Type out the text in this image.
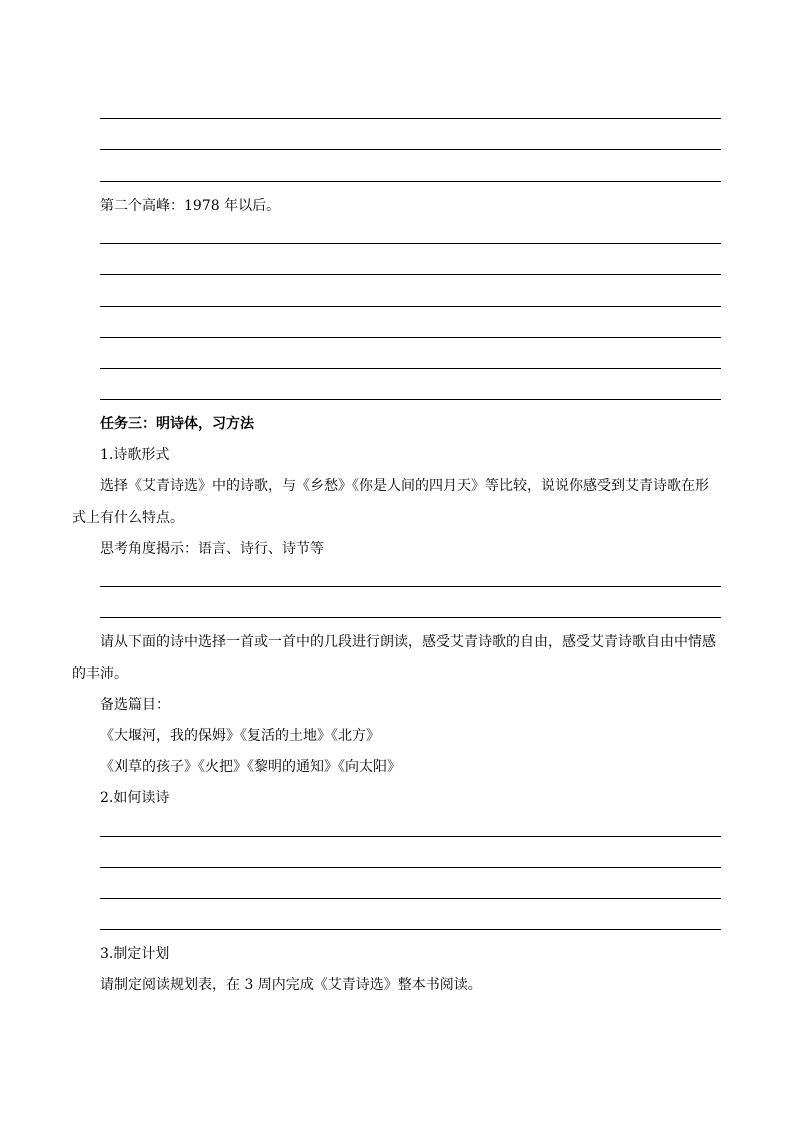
第二个高峰：1978 年以后。
任务三：明诗体，习方法
1.诗歌形式
选择《艾青诗选》中的诗歌，与《乡愁》《你是人间的四月天》等比较，说说你感受到艾青诗歌在形
式上有什么特点。
思考角度揭示：语言、诗行、诗节等
请从下面的诗中选择一首或一首中的几段进行朗读，感受艾青诗歌的自由，感受艾青诗歌自由中情感
的丰沛。
备选篇目：
《大堰河，我的保姆》《复活的土地》《北方》
《刈草的孩子》《火把》《黎明的通知》《向太阳》
2.如何读诗
3.制定计划
请制定阅读规划表，在 3 周内完成《艾青诗选》整本书阅读。
